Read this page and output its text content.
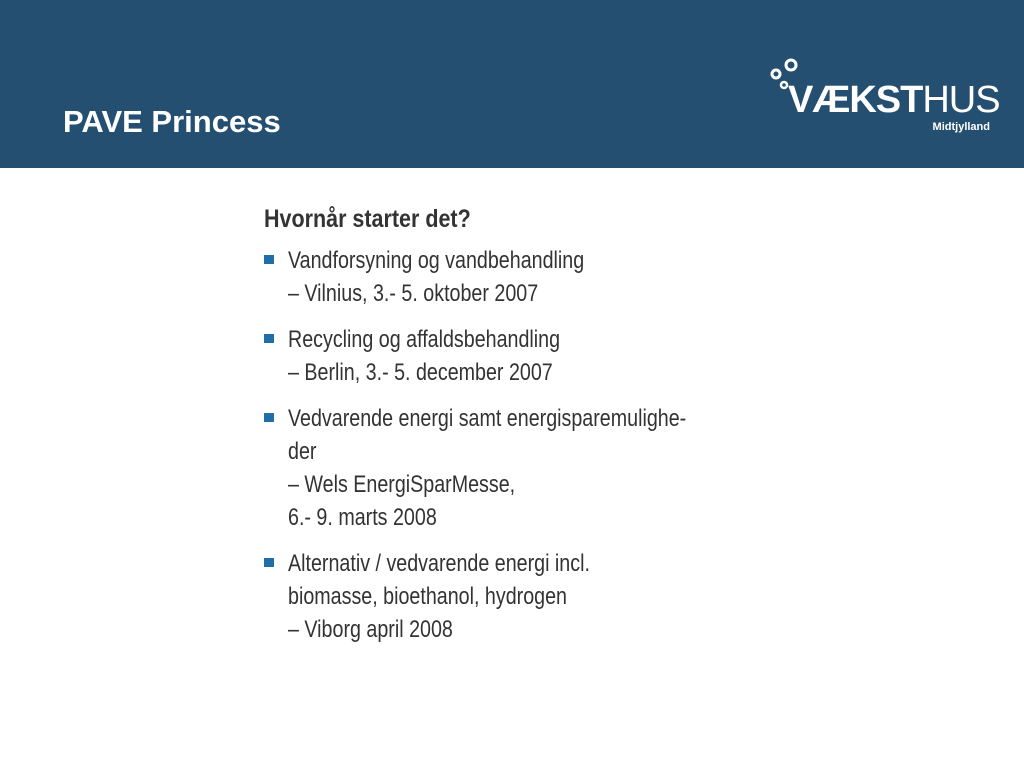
PAVE Princess
VÆKSTHUS
Midtjylland
Hvornår starter det?
Vandforsyning og vandbehandling
– Vilnius, 3.- 5. oktober 2007
Recycling og affaldsbehandling
– Berlin, 3.- 5. december 2007
Vedvarende energi samt energisparemulighe-
der
– Wels EnergiSparMesse,
6.- 9. marts 2008
Alternativ / vedvarende energi incl.
biomasse, bioethanol, hydrogen
– Viborg april 2008
